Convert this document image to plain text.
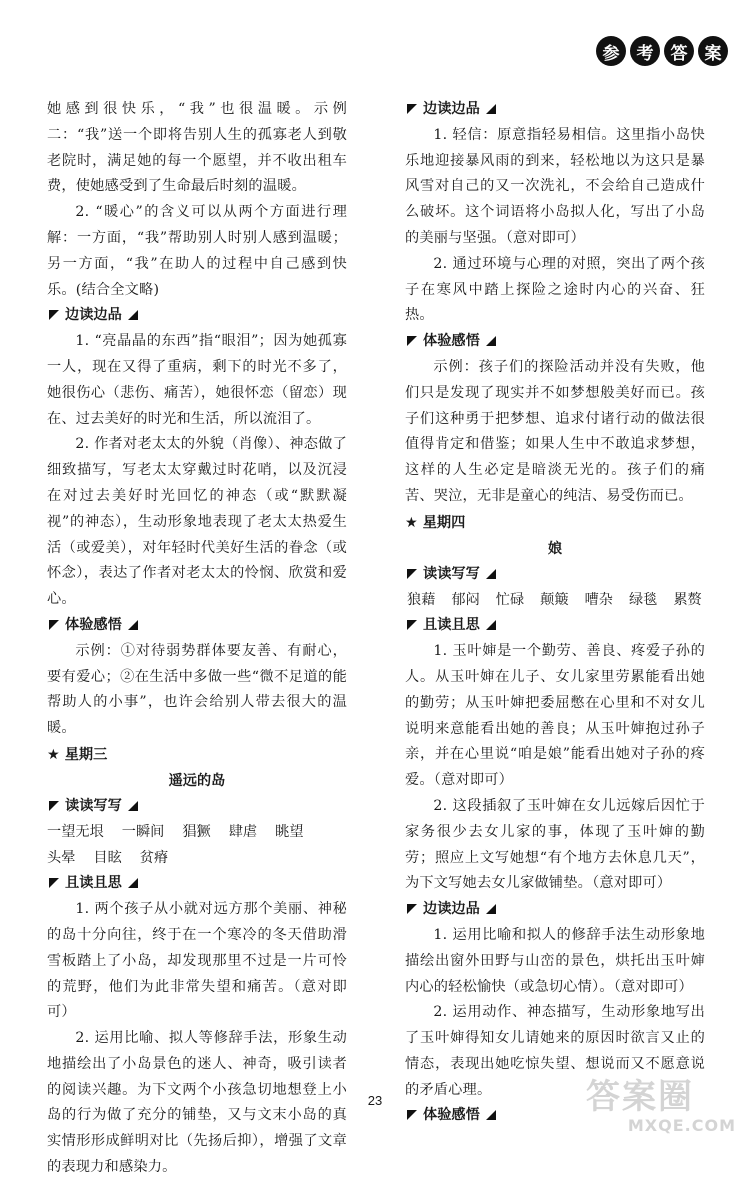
参	考	答	案

她感到很快乐，“我”也很温暖。示例二：“我”送一个即将告别人生的孤寡老人到敬老院时，满足她的每一个愿望，并不收出租车费，使她感受到了生命最后时刻的温暖。

2. “暖心”的含义可以从两个方面进行理解：一方面，“我”帮助别人时别人感到温暖；另一方面，“我”在助人的过程中自己感到快乐。(结合全文略)

边读边品

1. “亮晶晶的东西”指“眼泪”；因为她孤寡一人，现在又得了重病，剩下的时光不多了，她很伤心（悲伤、痛苦），她很怀恋（留恋）现在、过去美好的时光和生活，所以流泪了。

2. 作者对老太太的外貌（肖像）、神态做了细致描写，写老太太穿戴过时花哨，以及沉浸在对过去美好时光回忆的神态（或“默默凝视”的神态），生动形象地表现了老太太热爱生活（或爱美），对年轻时代美好生活的眷念（或怀念），表达了作者对老太太的怜悯、欣赏和爱心。

体验感悟

示例：①对待弱势群体要友善、有耐心，要有爱心；②在生活中多做一些“微不足道的能帮助人的小事”，也许会给别人带去很大的温暖。

★ 星期三

遥远的岛

读读写写

一望无垠 一瞬间 猖獗 肆虐 眺望
头晕 目眩 贫瘠

且读且思

1. 两个孩子从小就对远方那个美丽、神秘的岛十分向往，终于在一个寒冷的冬天借助滑雪板踏上了小岛，却发现那里不过是一片可怜的荒野，他们为此非常失望和痛苦。（意对即可）

2. 运用比喻、拟人等修辞手法，形象生动地描绘出了小岛景色的迷人、神奇，吸引读者的阅读兴趣。为下文两个小孩急切地想登上小岛的行为做了充分的铺垫，又与文末小岛的真实情形形成鲜明对比（先扬后抑），增强了文章的表现力和感染力。

边读边品

1. 轻信：原意指轻易相信。这里指小岛快乐地迎接暴风雨的到来，轻松地以为这只是暴风雪对自己的又一次洗礼，不会给自己造成什么破坏。这个词语将小岛拟人化，写出了小岛的美丽与坚强。（意对即可）

2. 通过环境与心理的对照，突出了两个孩子在寒风中踏上探险之途时内心的兴奋、狂热。

体验感悟

示例：孩子们的探险活动并没有失败，他们只是发现了现实并不如梦想般美好而已。孩子们这种勇于把梦想、追求付诸行动的做法很值得肯定和借鉴；如果人生中不敢追求梦想，这样的人生必定是暗淡无光的。孩子们的痛苦、哭泣，无非是童心的纯洁、易受伤而已。

★ 星期四

娘

读读写写

狼藉 郁闷 忙碌 颠簸 嘈杂 绿毯 累赘

且读且思

1. 玉叶婶是一个勤劳、善良、疼爱子孙的人。从玉叶婶在儿子、女儿家里劳累能看出她的勤劳；从玉叶婶把委屈憋在心里和不对女儿说明来意能看出她的善良；从玉叶婶抱过孙子亲，并在心里说“咱是娘”能看出她对子孙的疼爱。（意对即可）

2. 这段插叙了玉叶婶在女儿远嫁后因忙于家务很少去女儿家的事，体现了玉叶婶的勤劳；照应上文写她想“有个地方去休息几天”，为下文写她去女儿家做铺垫。（意对即可）

边读边品

1. 运用比喻和拟人的修辞手法生动形象地描绘出窗外田野与山峦的景色，烘托出玉叶婶内心的轻松愉快（或急切心情）。（意对即可）

2. 运用动作、神态描写，生动形象地写出了玉叶婶得知女儿请她来的原因时欲言又止的情态，表现出她吃惊失望、想说而又不愿意说的矛盾心理。

体验感悟

23	答案圈
MXQE.COM
